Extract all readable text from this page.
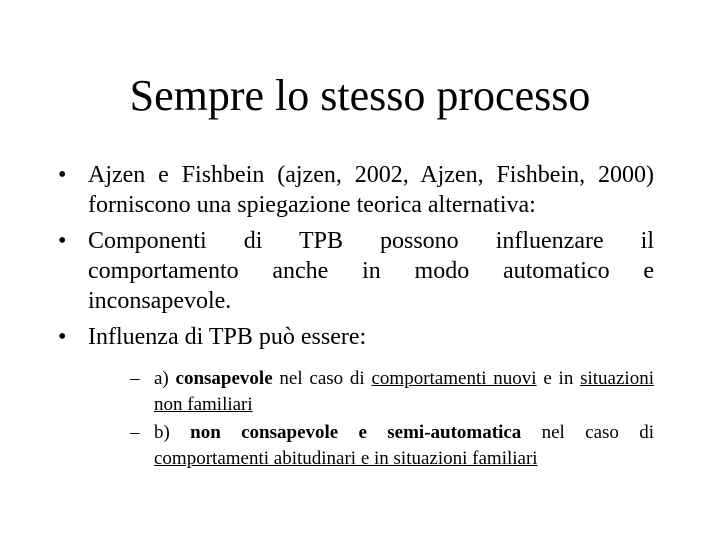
Sempre lo stesso processo
• Ajzen e Fishbein (ajzen, 2002, Ajzen, Fishbein, 2000) forniscono una spiegazione teorica alternativa:
• Componenti di TPB possono influenzare il comportamento anche in modo automatico e inconsapevole.
• Influenza di TPB può essere:
– a) consapevole nel caso di comportamenti nuovi e in situazioni non familiari
– b) non consapevole e semi-automatica nel caso di comportamenti abitudinari e in situazioni familiari
